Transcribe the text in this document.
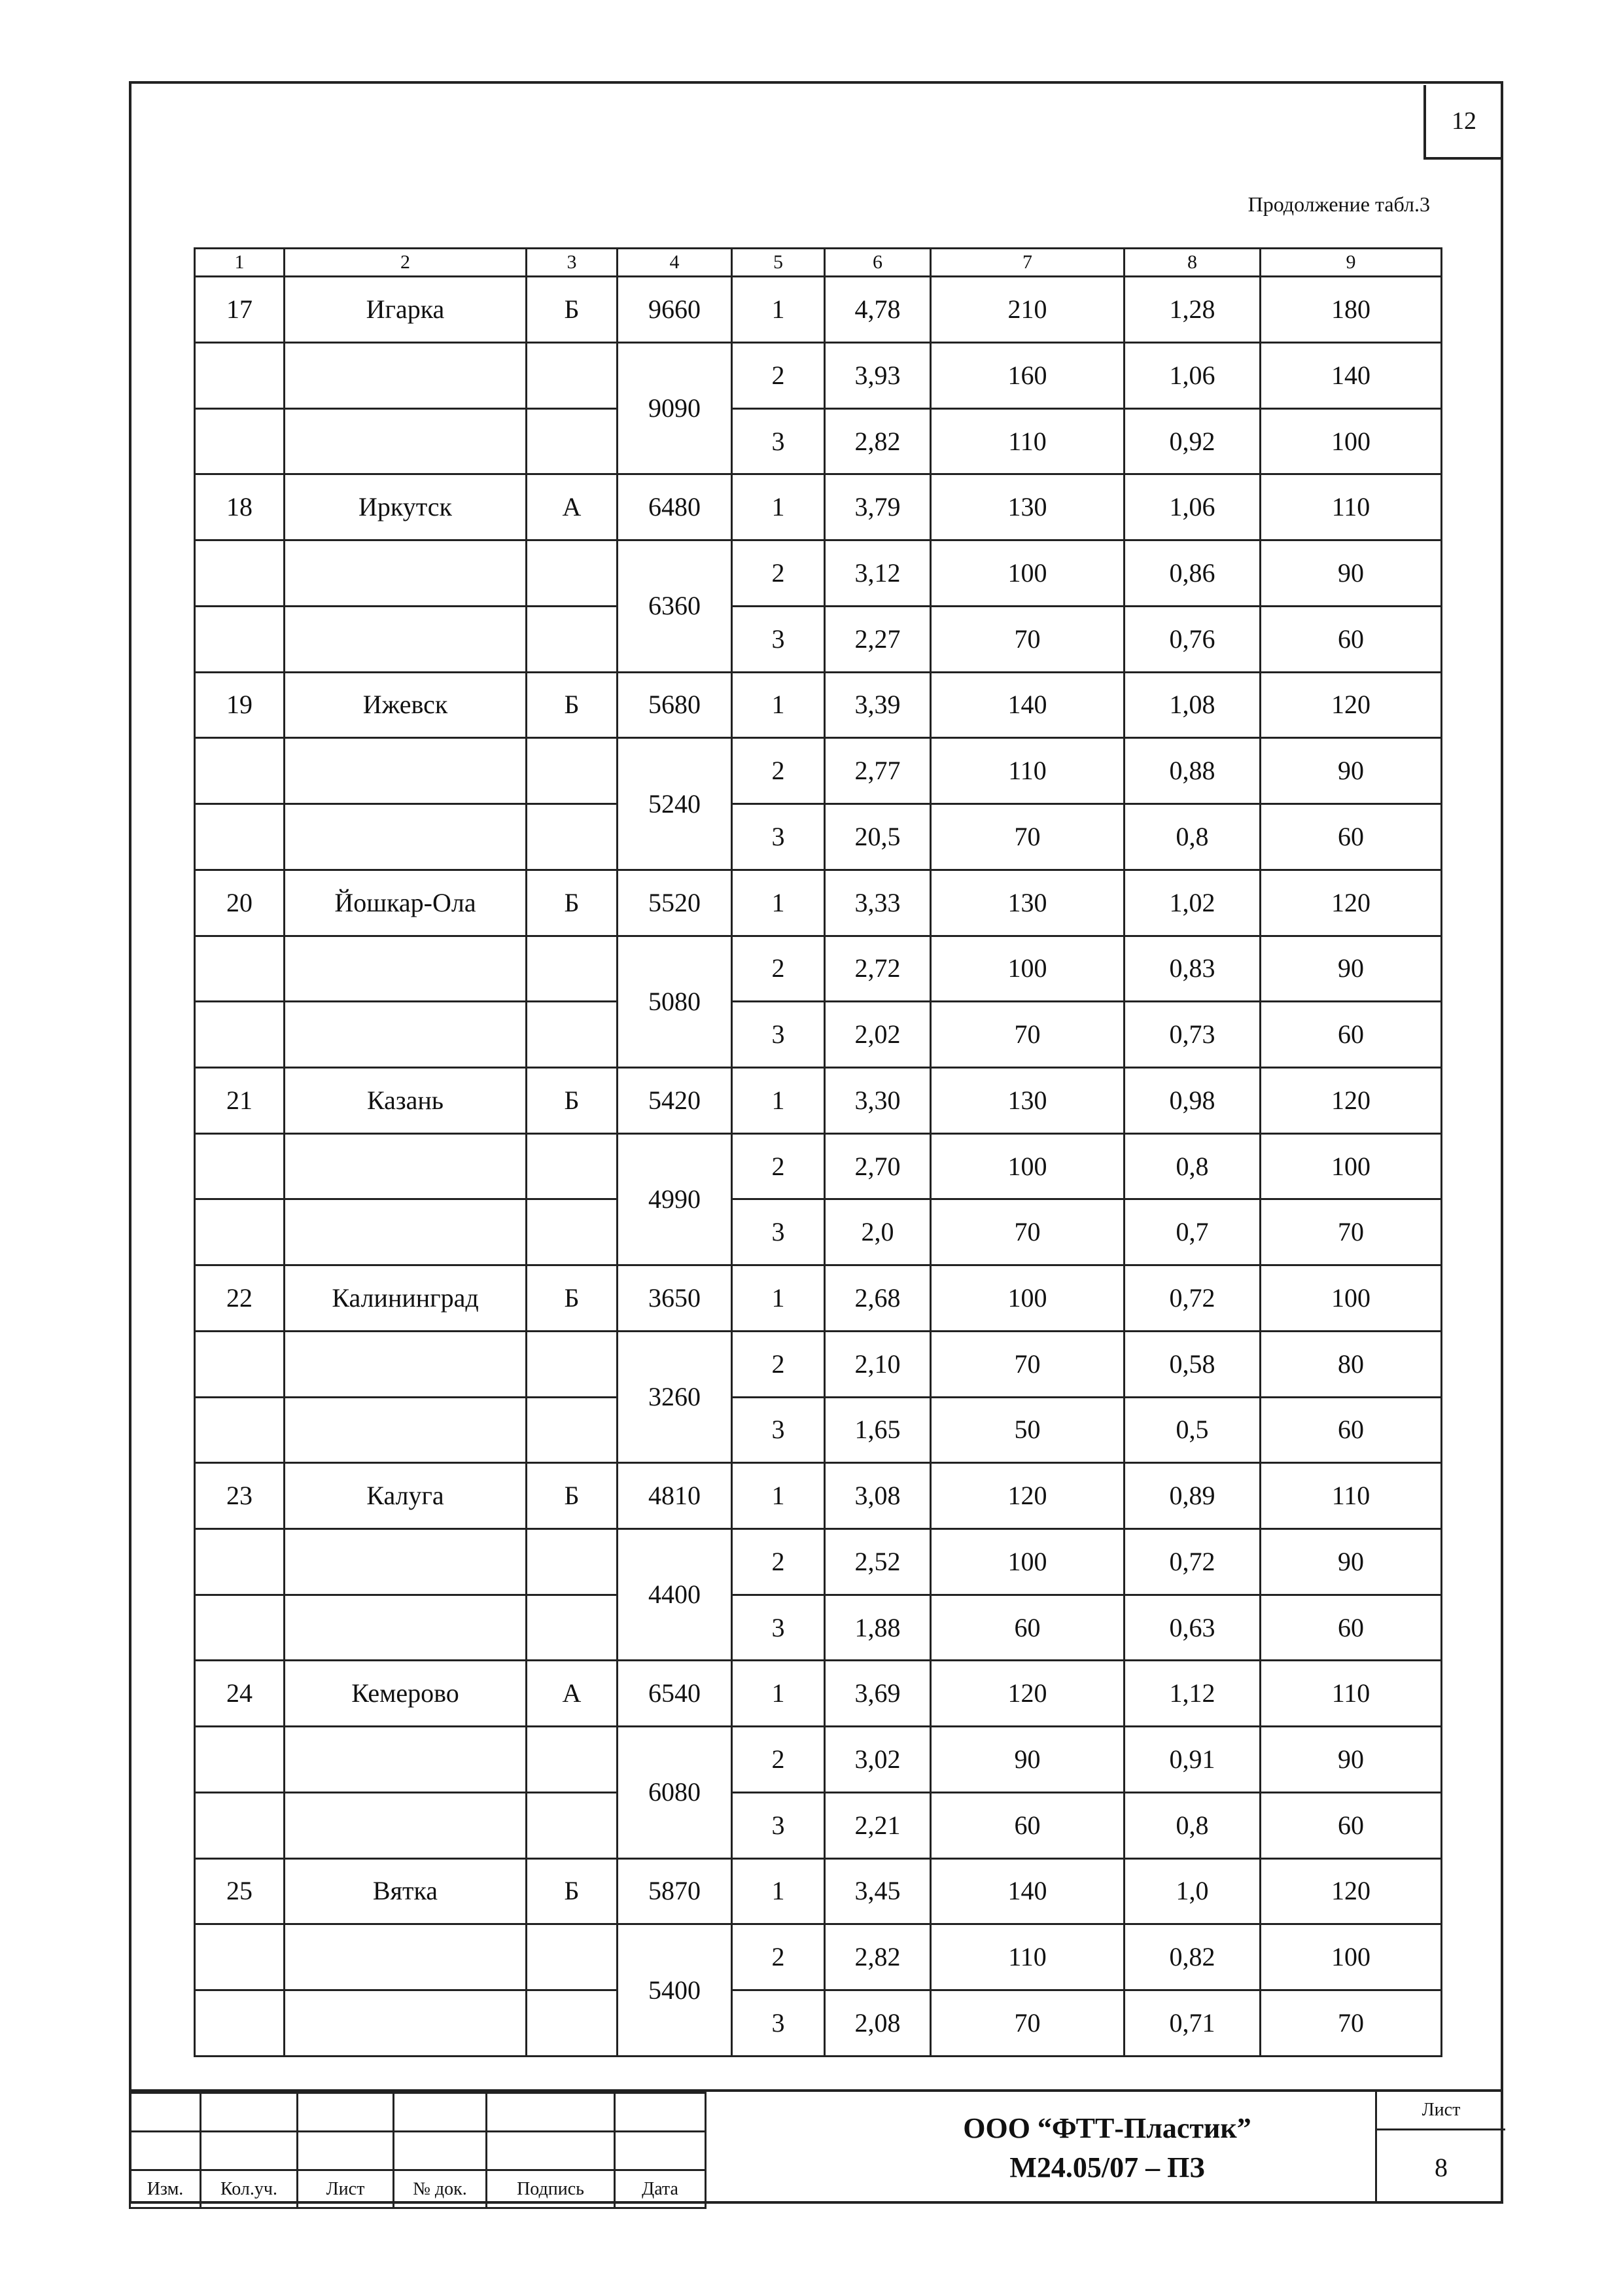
12
Продолжение табл.3
1	2	3	4	5	6	7	8	9
17	Игарка	Б	9660	1	4,78	210	1,28	180
			9090	2	3,93	160	1,06	140
				3	2,82	110	0,92	100
18	Иркутск	А	6480	1	3,79	130	1,06	110
			6360	2	3,12	100	0,86	90
				3	2,27	70	0,76	60
19	Ижевск	Б	5680	1	3,39	140	1,08	120
			5240	2	2,77	110	0,88	90
				3	20,5	70	0,8	60
20	Йошкар-Ола	Б	5520	1	3,33	130	1,02	120
			5080	2	2,72	100	0,83	90
				3	2,02	70	0,73	60
21	Казань	Б	5420	1	3,30	130	0,98	120
			4990	2	2,70	100	0,8	100
				3	2,0	70	0,7	70
22	Калининград	Б	3650	1	2,68	100	0,72	100
			3260	2	2,10	70	0,58	80
				3	1,65	50	0,5	60
23	Калуга	Б	4810	1	3,08	120	0,89	110
			4400	2	2,52	100	0,72	90
				3	1,88	60	0,63	60
24	Кемерово	А	6540	1	3,69	120	1,12	110
			6080	2	3,02	90	0,91	90
				3	2,21	60	0,8	60
25	Вятка	Б	5870	1	3,45	140	1,0	120
			5400	2	2,82	110	0,82	100
				3	2,08	70	0,71	70

Изм.	Кол.уч.	Лист	№ док.	Подпись	Дата
ООО “ФТТ-Пластик”
М24.05/07 – ПЗ
Лист
8
